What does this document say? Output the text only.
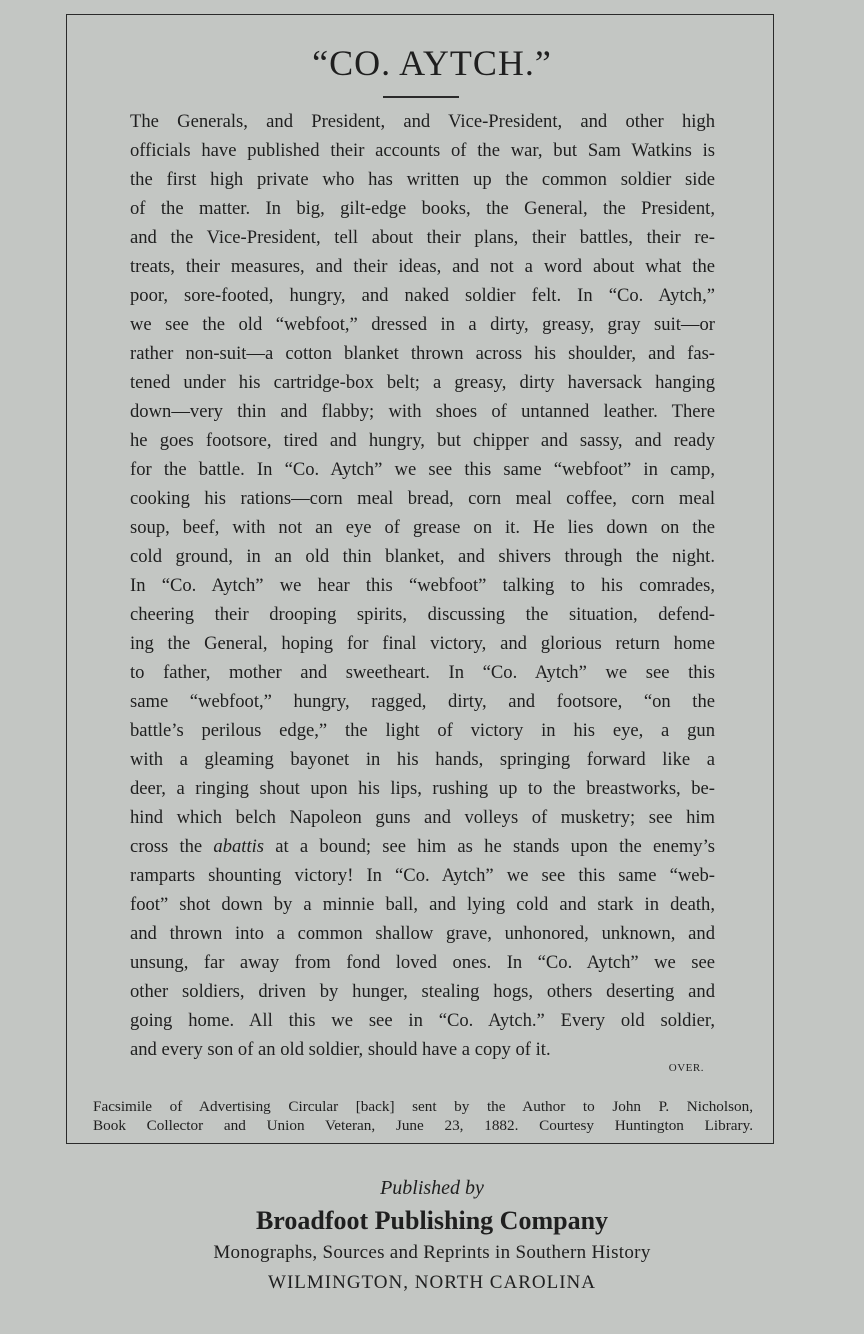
“CO. AYTCH.”
The Generals, and President, and Vice-President, and other high
officials have published their accounts of the war, but Sam Watkins is
the first high private who has written up the common soldier side
of the matter. In big, gilt-edge books, the General, the President,
and the Vice-President, tell about their plans, their battles, their re-
treats, their measures, and their ideas, and not a word about what the
poor, sore-footed, hungry, and naked soldier felt. In “Co. Aytch,”
we see the old “webfoot,” dressed in a dirty, greasy, gray suit—or
rather non-suit—a cotton blanket thrown across his shoulder, and fas-
tened under his cartridge-box belt; a greasy, dirty haversack hanging
down—very thin and flabby; with shoes of untanned leather. There
he goes footsore, tired and hungry, but chipper and sassy, and ready
for the battle. In “Co. Aytch” we see this same “webfoot” in camp,
cooking his rations—corn meal bread, corn meal coffee, corn meal
soup, beef, with not an eye of grease on it. He lies down on the
cold ground, in an old thin blanket, and shivers through the night.
In “Co. Aytch” we hear this “webfoot” talking to his comrades,
cheering their drooping spirits, discussing the situation, defend-
ing the General, hoping for final victory, and glorious return home
to father, mother and sweetheart. In “Co. Aytch” we see this
same “webfoot,” hungry, ragged, dirty, and footsore, “on the
battle’s perilous edge,” the light of victory in his eye, a gun
with a gleaming bayonet in his hands, springing forward like a
deer, a ringing shout upon his lips, rushing up to the breastworks, be-
hind which belch Napoleon guns and volleys of musketry; see him
cross the abattis at a bound; see him as he stands upon the enemy’s
ramparts shounting victory! In “Co. Aytch” we see this same “web-
foot” shot down by a minnie ball, and lying cold and stark in death,
and thrown into a common shallow grave, unhonored, unknown, and
unsung, far away from fond loved ones. In “Co. Aytch” we see
other soldiers, driven by hunger, stealing hogs, others deserting and
going home. All this we see in “Co. Aytch.” Every old soldier,
and every son of an old soldier, should have a copy of it.
OVER.
Facsimile of Advertising Circular [back] sent by the Author to John P. Nicholson,
Book Collector and Union Veteran, June 23, 1882. Courtesy Huntington Library.
Published by
Broadfoot Publishing Company
Monographs, Sources and Reprints in Southern History
WILMINGTON, NORTH CAROLINA
